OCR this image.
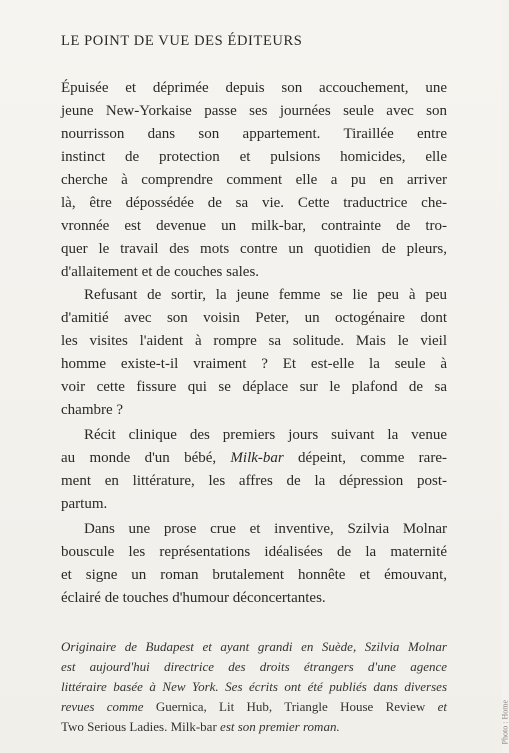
LE POINT DE VUE DES ÉDITEURS
Épuisée et déprimée depuis son accouchement, une
jeune New-Yorkaise passe ses journées seule avec son
nourrisson dans son appartement. Tiraillée entre
instinct de protection et pulsions homicides, elle
cherche à comprendre comment elle a pu en arriver
là, être dépossédée de sa vie. Cette traductrice che-
vronnée est devenue un milk-bar, contrainte de tro-
quer le travail des mots contre un quotidien de pleurs,
d'allaitement et de couches sales.
Refusant de sortir, la jeune femme se lie peu à peu
d'amitié avec son voisin Peter, un octogénaire dont
les visites l'aident à rompre sa solitude. Mais le vieil
homme existe-t-il vraiment ? Et est-elle la seule à
voir cette fissure qui se déplace sur le plafond de sa
chambre ?
Récit clinique des premiers jours suivant la venue
au monde d'un bébé, Milk-bar dépeint, comme rare-
ment en littérature, les affres de la dépression post-
partum.
Dans une prose crue et inventive, Szilvia Molnar
bouscule les représentations idéalisées de la maternité
et signe un roman brutalement honnête et émouvant,
éclairé de touches d'humour déconcertantes.
Originaire de Budapest et ayant grandi en Suède, Szilvia Molnar
est aujourd'hui directrice des droits étrangers d'une agence
littéraire basée à New York. Ses écrits ont été publiés dans diverses
revues comme Guernica, Lit Hub, Triangle House Review et
Two Serious Ladies. Milk-bar est son premier roman.	Photo : Home
